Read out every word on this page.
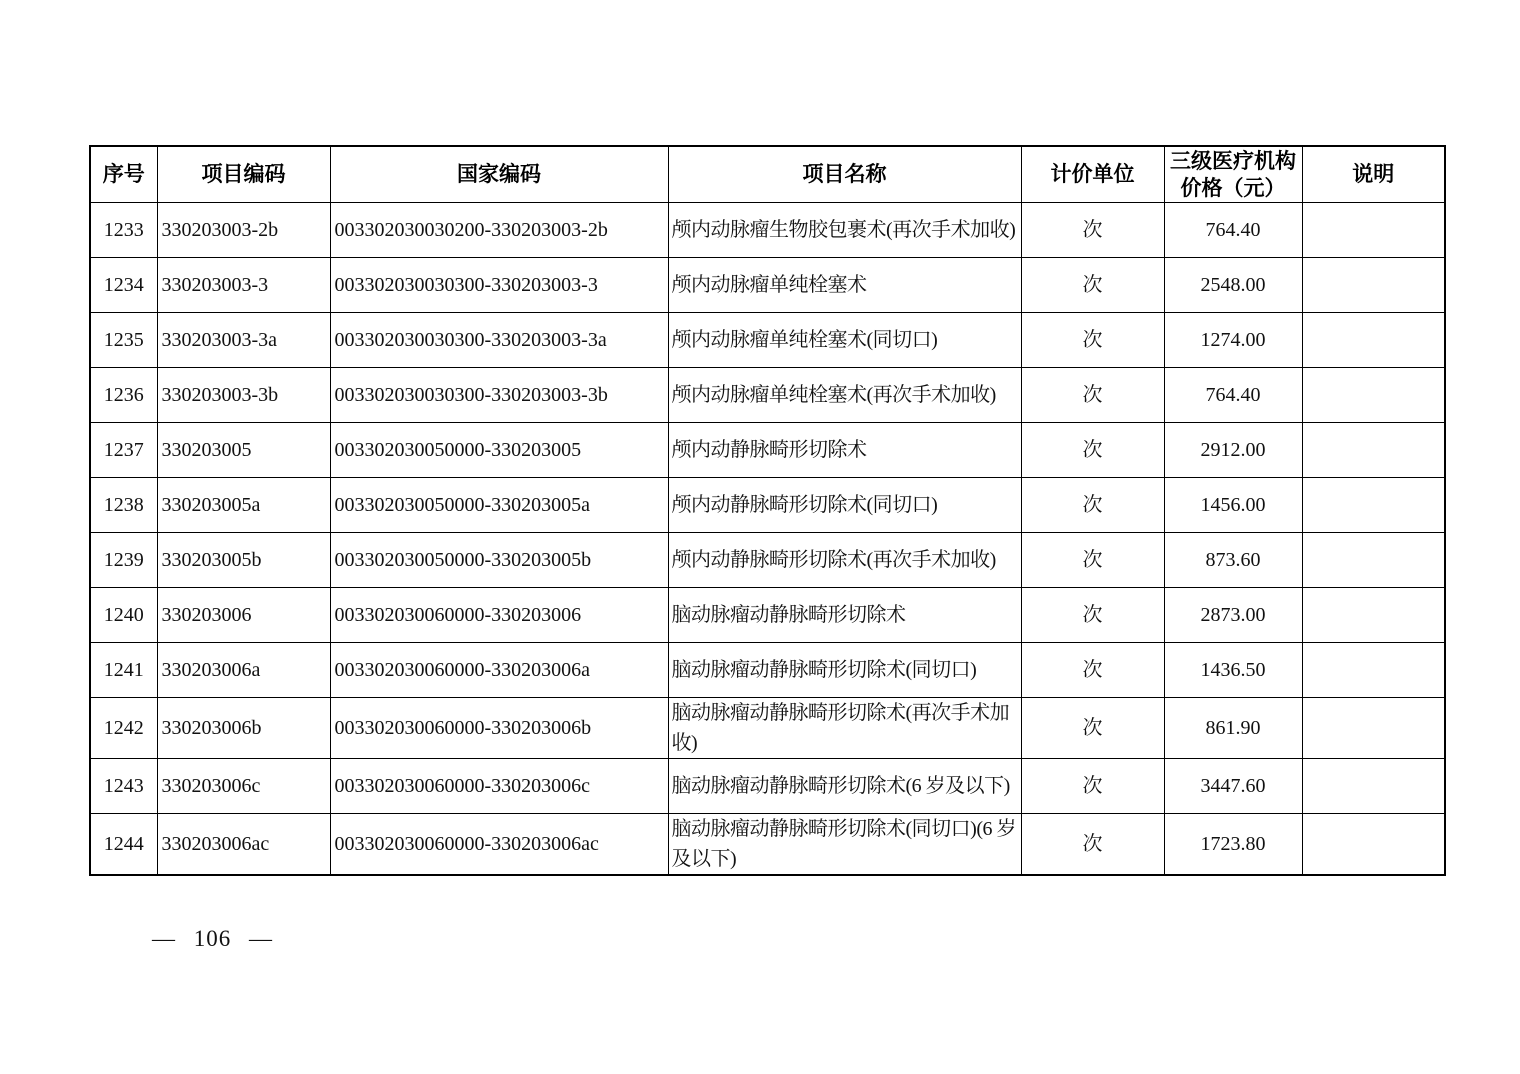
序号	项目编码	国家编码	项目名称	计价单位	三级医疗机构价格（元）	说明
1233	330203003-2b	003302030030200-330203003-2b	颅内动脉瘤生物胶包裹术(再次手术加收)	次	764.40	
1234	330203003-3	003302030030300-330203003-3	颅内动脉瘤单纯栓塞术	次	2548.00	
1235	330203003-3a	003302030030300-330203003-3a	颅内动脉瘤单纯栓塞术(同切口)	次	1274.00	
1236	330203003-3b	003302030030300-330203003-3b	颅内动脉瘤单纯栓塞术(再次手术加收)	次	764.40	
1237	330203005	003302030050000-330203005	颅内动静脉畸形切除术	次	2912.00	
1238	330203005a	003302030050000-330203005a	颅内动静脉畸形切除术(同切口)	次	1456.00	
1239	330203005b	003302030050000-330203005b	颅内动静脉畸形切除术(再次手术加收)	次	873.60	
1240	330203006	003302030060000-330203006	脑动脉瘤动静脉畸形切除术	次	2873.00	
1241	330203006a	003302030060000-330203006a	脑动脉瘤动静脉畸形切除术(同切口)	次	1436.50	
1242	330203006b	003302030060000-330203006b	脑动脉瘤动静脉畸形切除术(再次手术加收)	次	861.90	
1243	330203006c	003302030060000-330203006c	脑动脉瘤动静脉畸形切除术(6 岁及以下)	次	3447.60	
1244	330203006ac	003302030060000-330203006ac	脑动脉瘤动静脉畸形切除术(同切口)(6 岁及以下)	次	1723.80	
— 106 —
